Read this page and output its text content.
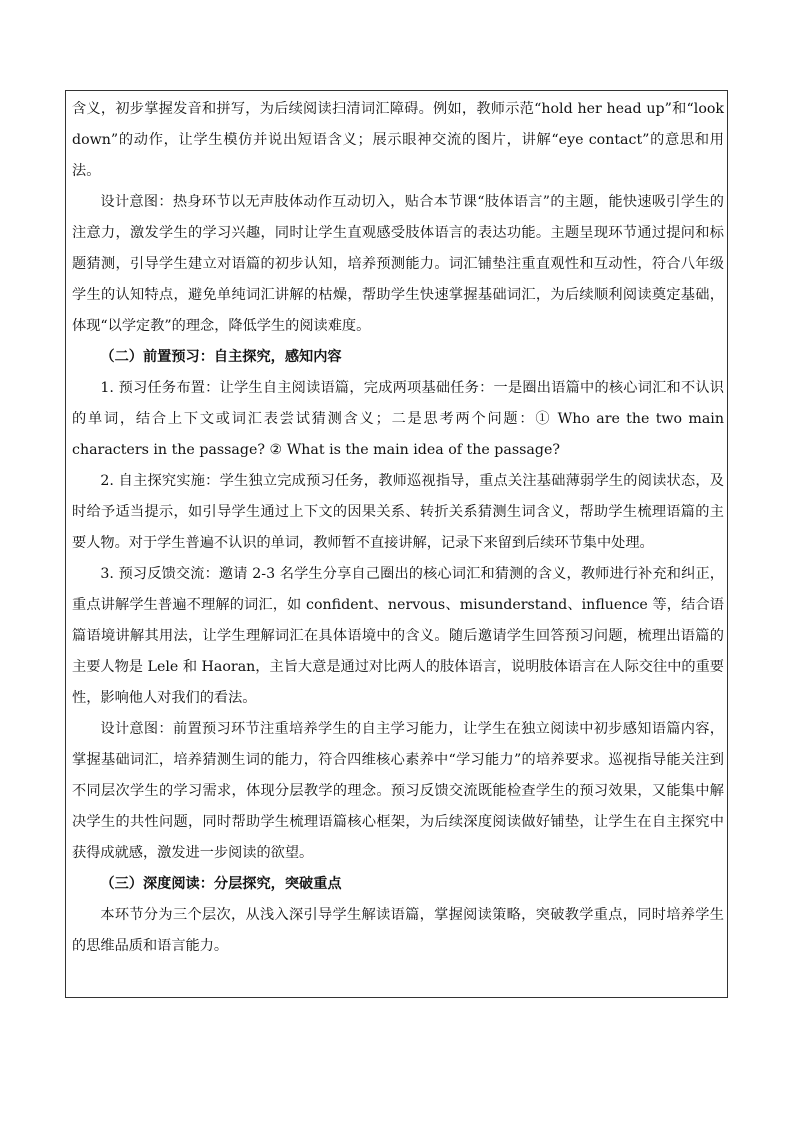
含义，初步掌握发音和拼写，为后续阅读扫清词汇障碍。例如，教师示范“hold her head up”和“look down”的动作，让学生模仿并说出短语含义；展示眼神交流的图片，讲解“eye contact”的意思和用法。

设计意图：热身环节以无声肢体动作互动切入，贴合本节课“肢体语言”的主题，能快速吸引学生的注意力，激发学生的学习兴趣，同时让学生直观感受肢体语言的表达功能。主题呈现环节通过提问和标题猜测，引导学生建立对语篇的初步认知，培养预测能力。词汇铺垫注重直观性和互动性，符合八年级学生的认知特点，避免单纯词汇讲解的枯燥，帮助学生快速掌握基础词汇，为后续顺利阅读奠定基础，体现“以学定教”的理念，降低学生的阅读难度。

（二）前置预习：自主探究，感知内容

1. 预习任务布置：让学生自主阅读语篇，完成两项基础任务：一是圈出语篇中的核心词汇和不认识的单词，结合上下文或词汇表尝试猜测含义；二是思考两个问题：① Who are the two main characters in the passage? ② What is the main idea of the passage?

2. 自主探究实施：学生独立完成预习任务，教师巡视指导，重点关注基础薄弱学生的阅读状态，及时给予适当提示，如引导学生通过上下文的因果关系、转折关系猜测生词含义，帮助学生梳理语篇的主要人物。对于学生普遍不认识的单词，教师暂不直接讲解，记录下来留到后续环节集中处理。

3. 预习反馈交流：邀请 2-3 名学生分享自己圈出的核心词汇和猜测的含义，教师进行补充和纠正，重点讲解学生普遍不理解的词汇，如 confident、nervous、misunderstand、influence 等，结合语篇语境讲解其用法，让学生理解词汇在具体语境中的含义。随后邀请学生回答预习问题，梳理出语篇的主要人物是 Lele 和 Haoran，主旨大意是通过对比两人的肢体语言，说明肢体语言在人际交往中的重要性，影响他人对我们的看法。

设计意图：前置预习环节注重培养学生的自主学习能力，让学生在独立阅读中初步感知语篇内容，掌握基础词汇，培养猜测生词的能力，符合四维核心素养中“学习能力”的培养要求。巡视指导能关注到不同层次学生的学习需求，体现分层教学的理念。预习反馈交流既能检查学生的预习效果，又能集中解决学生的共性问题，同时帮助学生梳理语篇核心框架，为后续深度阅读做好铺垫，让学生在自主探究中获得成就感，激发进一步阅读的欲望。

（三）深度阅读：分层探究，突破重点

本环节分为三个层次，从浅入深引导学生解读语篇，掌握阅读策略，突破教学重点，同时培养学生的思维品质和语言能力。
